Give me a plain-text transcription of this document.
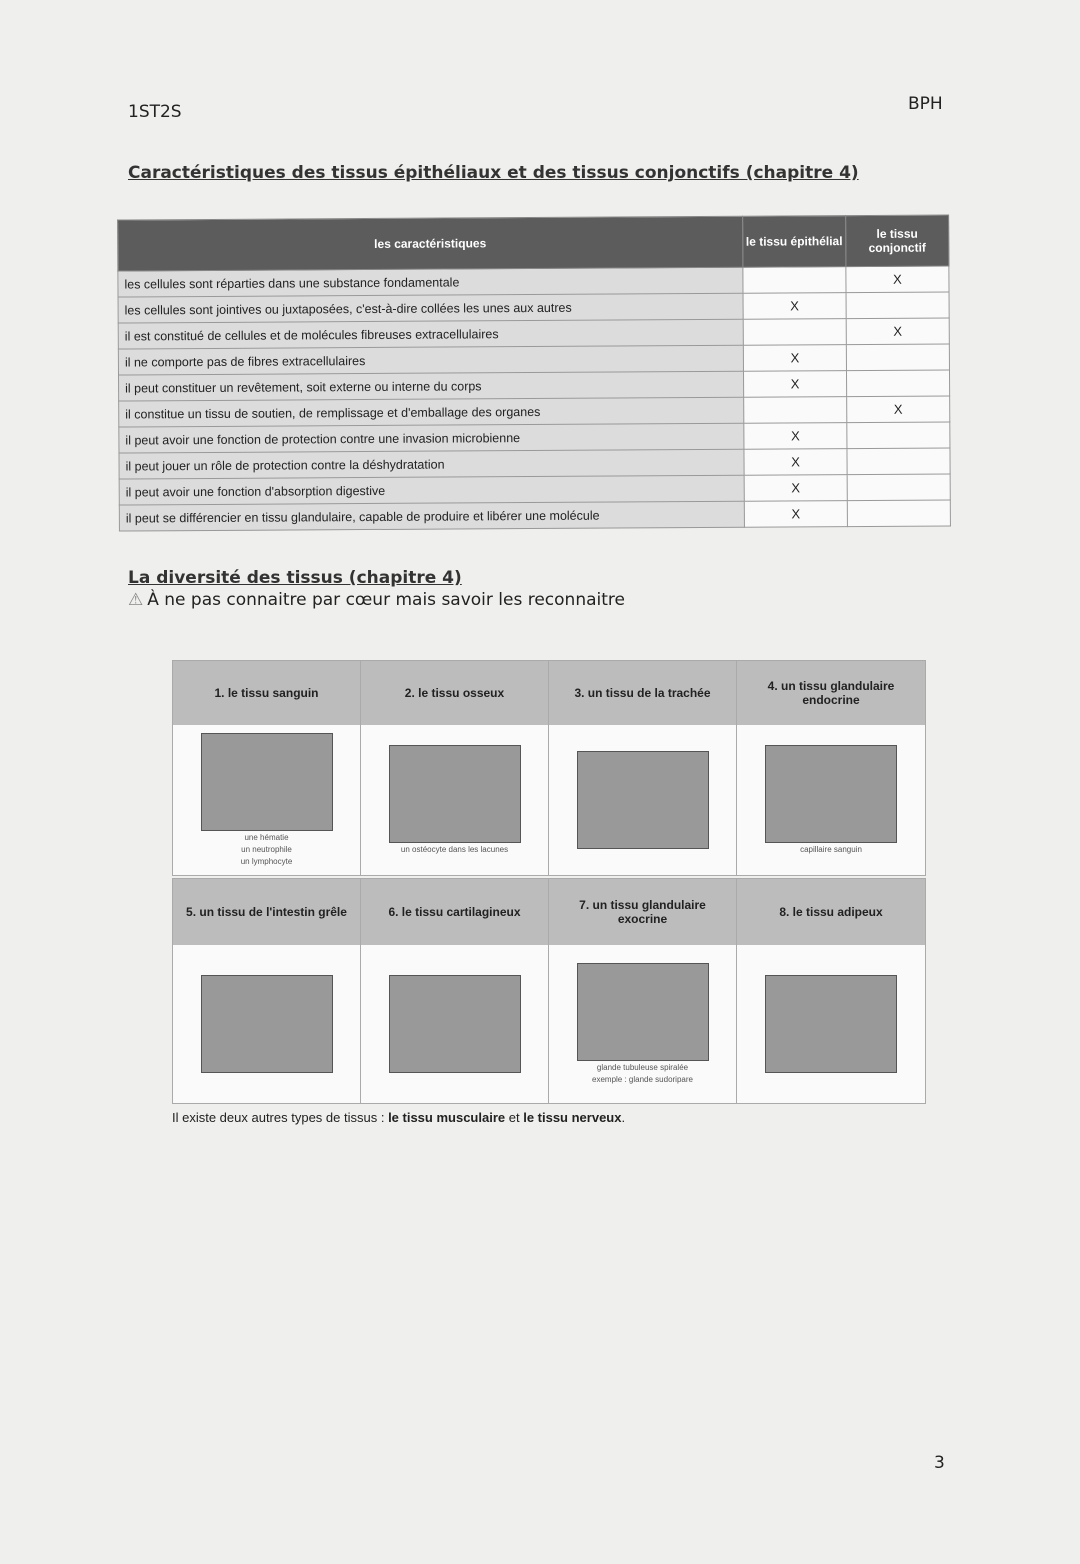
1ST2S	BPH
Caractéristiques des tissus épithéliaux et des tissus conjonctifs (chapitre 4)
les caractéristiques	le tissu épithélial	le tissu conjonctif
les cellules sont réparties dans une substance fondamentale		X
les cellules sont jointives ou juxtaposées, c'est-à-dire collées les unes aux autres	X	
il est constitué de cellules et de molécules fibreuses extracellulaires		X
il ne comporte pas de fibres extracellulaires	X	
il peut constituer un revêtement, soit externe ou interne du corps	X	
il constitue un tissu de soutien, de remplissage et d'emballage des organes		X
il peut avoir une fonction de protection contre une invasion microbienne	X	
il peut jouer un rôle de protection contre la déshydratation	X	
il peut avoir une fonction d'absorption digestive	X	
il peut se différencier en tissu glandulaire, capable de produire et libérer une molécule	X	
La diversité des tissus (chapitre 4)
⚠ À ne pas connaitre par cœur mais savoir les reconnaitre
1. le tissu sanguin
une hématie
un neutrophile
un lymphocyte
2. le tissu osseux
un ostéocyte dans les lacunes
3. un tissu de la trachée	4. un tissu glandulaire endocrine
capillaire sanguin
5. un tissu de l'intestin grêle	6. le tissu cartilagineux	7. un tissu glandulaire exocrine
glande tubuleuse spiralée
exemple : glande sudoripare
8. le tissu adipeux
Il existe deux autres types de tissus : le tissu musculaire et le tissu nerveux.
3
